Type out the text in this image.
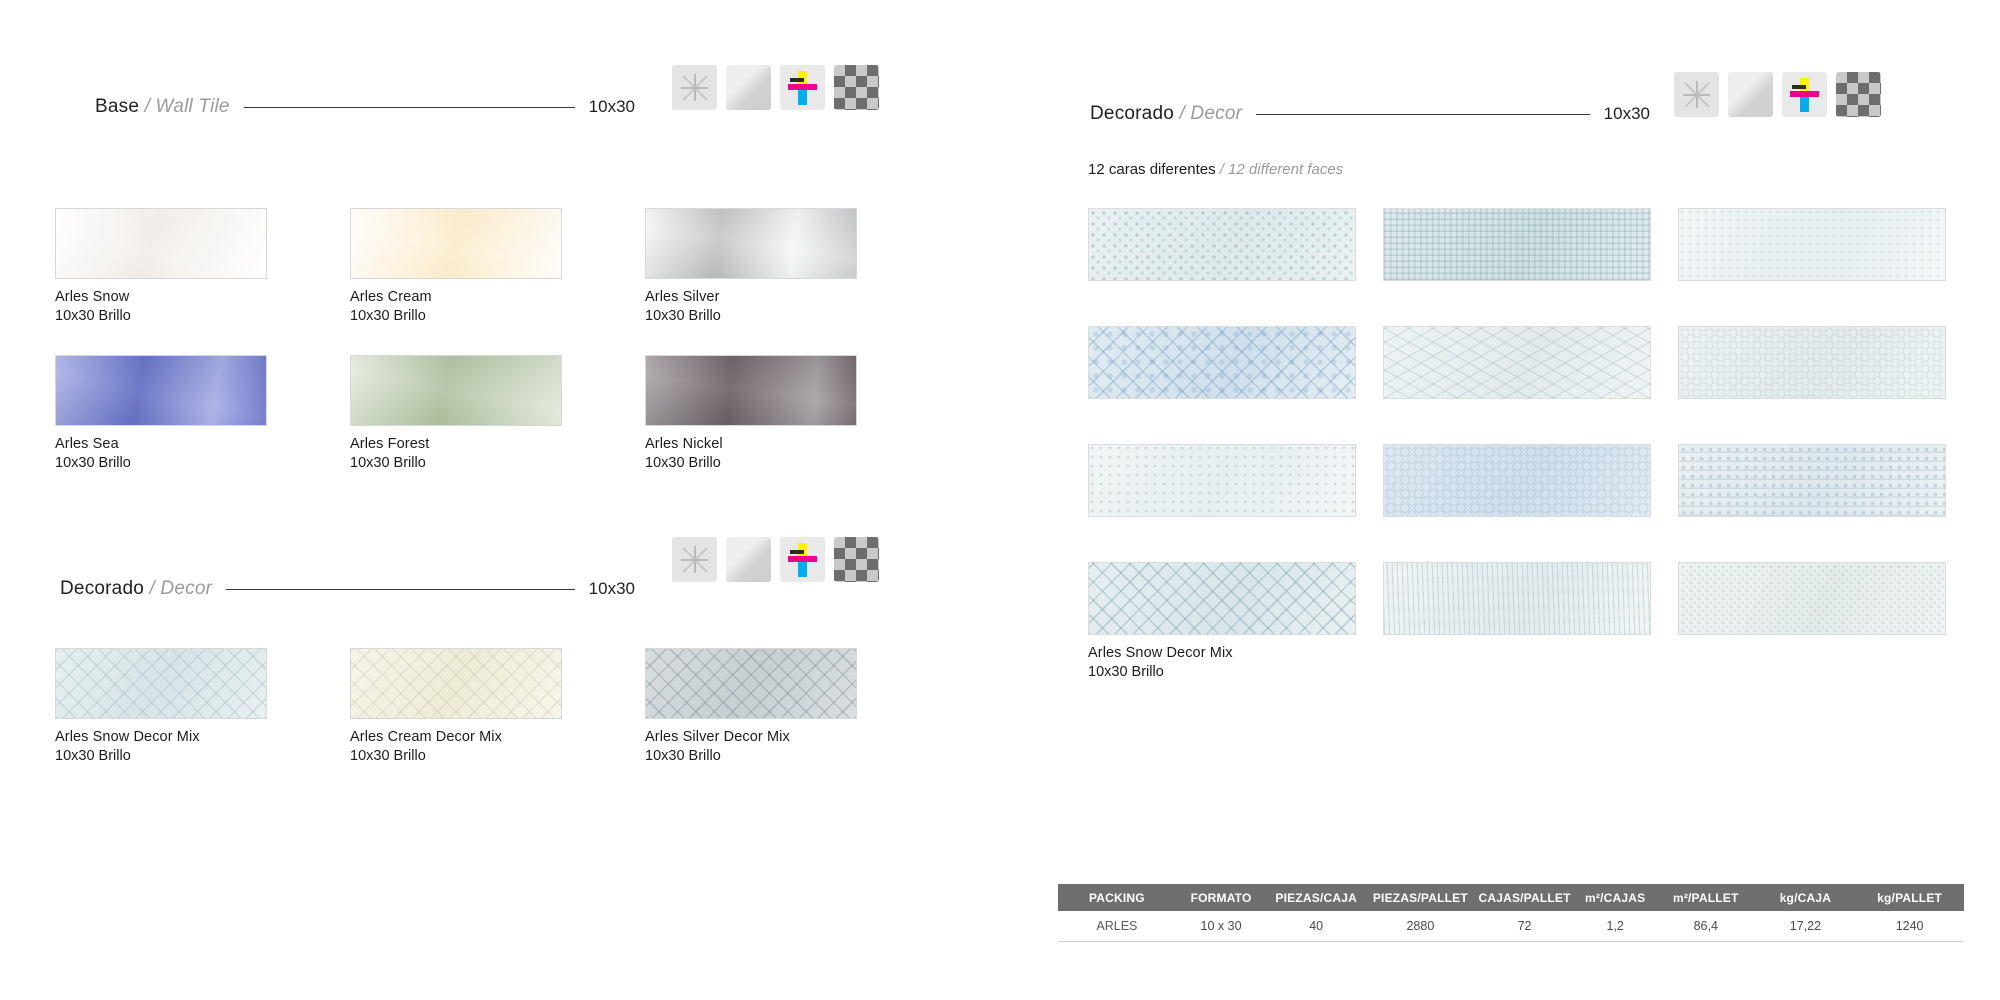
Base / Wall Tile	10x30
Arles Snow
10x30 Brillo
Arles Cream
10x30 Brillo
Arles Silver
10x30 Brillo
Arles Sea
10x30 Brillo
Arles Forest
10x30 Brillo
Arles Nickel
10x30 Brillo
Decorado / Decor	10x30
Arles Snow Decor Mix
10x30 Brillo
Arles Cream Decor Mix
10x30 Brillo
Arles Silver Decor Mix
10x30 Brillo
Decorado / Decor	10x30
12 caras diferentes / 12 different faces
Arles Snow Decor Mix
10x30 Brillo
PACKING	FORMATO	PIEZAS/CAJA	PIEZAS/PALLET	CAJAS/PALLET	m²/CAJAS	m²/PALLET	kg/CAJA	kg/PALLET
ARLES	10 x 30	40	2880	72	1,2	86,4	17,22	1240
